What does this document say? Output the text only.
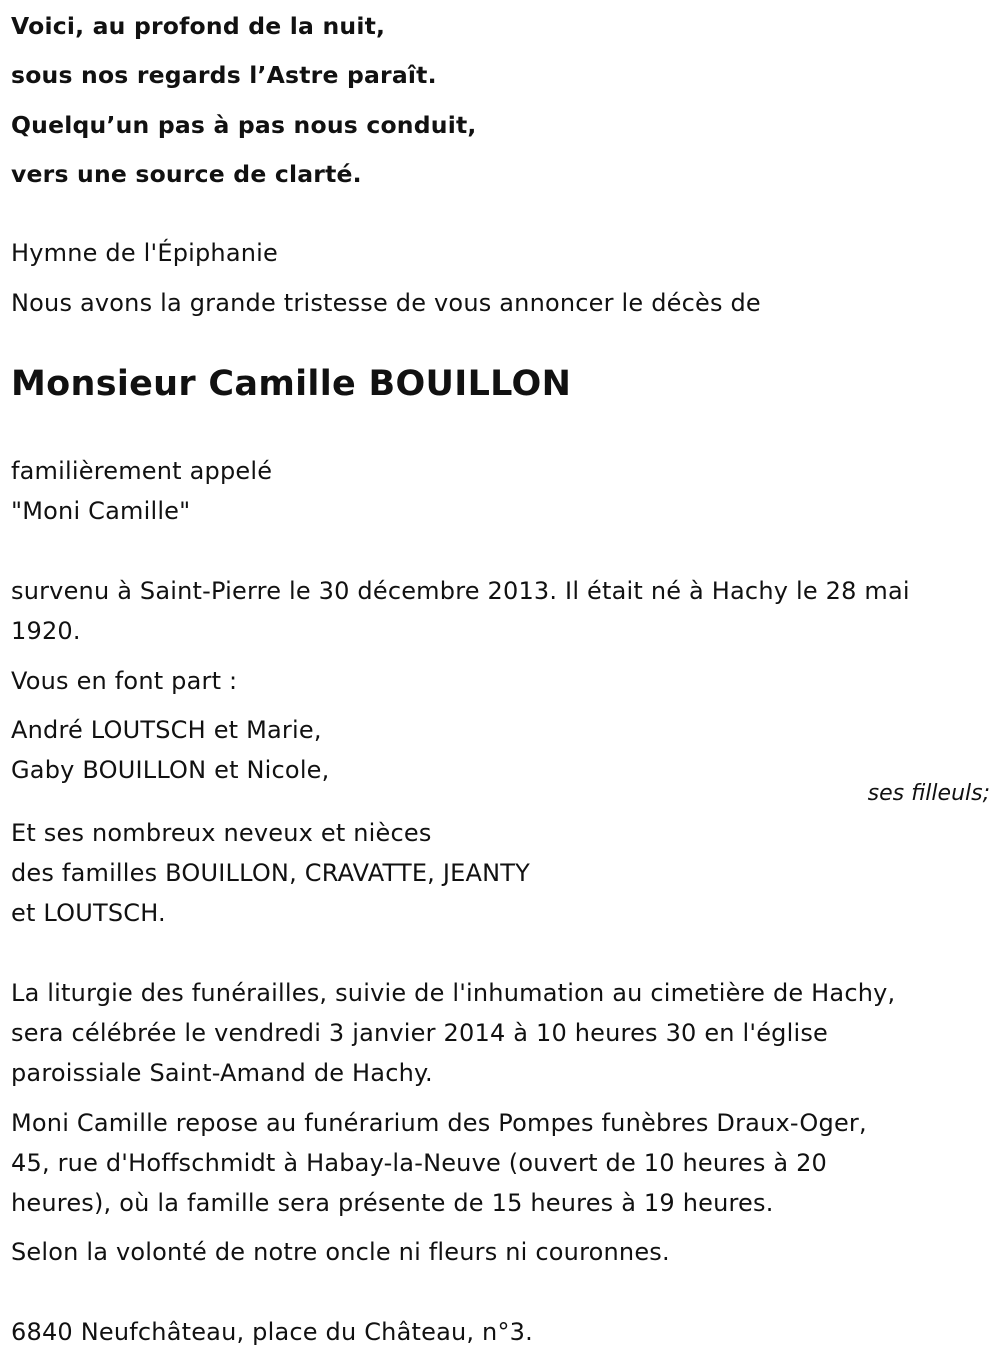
Voici, au profond de la nuit,
sous nos regards l’Astre paraît.
Quelqu’un pas à pas nous conduit,
vers une source de clarté.
Hymne de l'Épiphanie
Nous avons la grande tristesse de vous annoncer le décès de
Monsieur Camille BOUILLON
familièrement appelé
"Moni Camille"
survenu à Saint-Pierre le 30 décembre 2013. Il était né à Hachy le 28 mai
1920.
Vous en font part :
André LOUTSCH et Marie,
Gaby BOUILLON et Nicole,
ses filleuls;
Et ses nombreux neveux et nièces
des familles BOUILLON, CRAVATTE, JEANTY
et LOUTSCH.
La liturgie des funérailles, suivie de l'inhumation au cimetière de Hachy,
sera célébrée le vendredi 3 janvier 2014 à 10 heures 30 en l'église
paroissiale Saint-Amand de Hachy.
Moni Camille repose au funérarium des Pompes funèbres Draux-Oger,
45, rue d'Hoffschmidt à Habay-la-Neuve (ouvert de 10 heures à 20
heures), où la famille sera présente de 15 heures à 19 heures.
Selon la volonté de notre oncle ni fleurs ni couronnes.
6840 Neufchâteau, place du Château, n°3.
